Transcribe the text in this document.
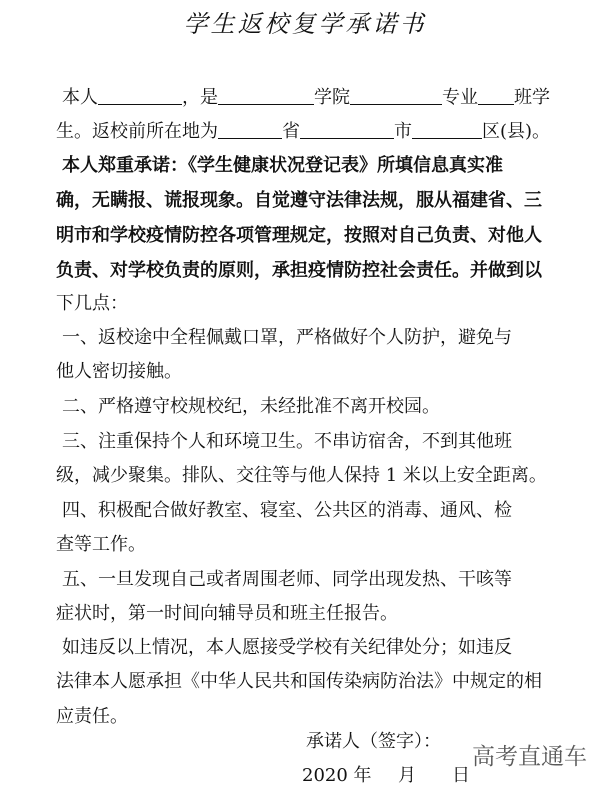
学生返校复学承诺书
本人	，是	学院	专业 班学
生。返校前所在地为	省	市	区(县)。
本人郑重承诺：《学生健康状况登记表》所填信息真实准
确，无瞒报、谎报现象。自觉遵守法律法规，服从福建省、三
明市和学校疫情防控各项管理规定，按照对自己负责、对他人
负责、对学校负责的原则，承担疫情防控社会责任。并做到以
下几点：
一、返校途中全程佩戴口罩，严格做好个人防护，避免与
他人密切接触。
二、严格遵守校规校纪，未经批准不离开校园。
三、注重保持个人和环境卫生。不串访宿舍，不到其他班
级，减少聚集。排队、交往等与他人保持 1 米以上安全距离。
四、积极配合做好教室、寝室、公共区的消毒、通风、检
查等工作。
五、一旦发现自己或者周围老师、同学出现发热、干咳等
症状时，第一时间向辅导员和班主任报告。
如违反以上情况，本人愿接受学校有关纪律处分；如违反
法律本人愿承担《中华人民共和国传染病防治法》中规定的相
应责任。
承诺人（签字）：
2020 年 月 日
高考直通车
